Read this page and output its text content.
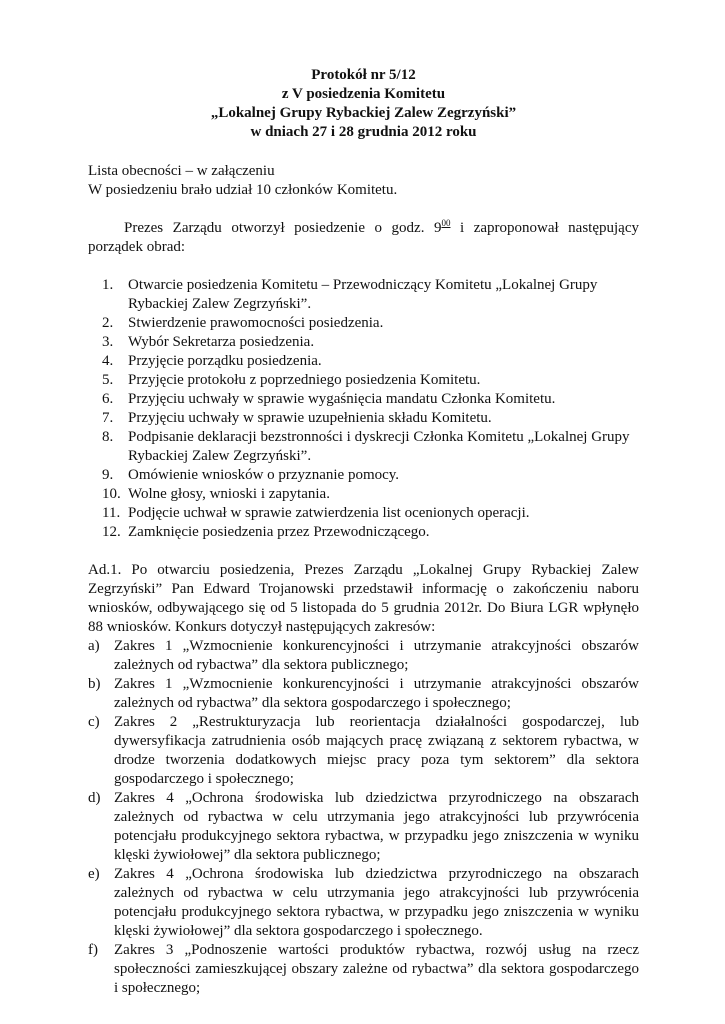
Protokół nr 5/12
z V posiedzenia Komitetu
„Lokalnej Grupy Rybackiej Zalew Zegrzyński”
w dniach 27 i 28 grudnia 2012 roku
Lista obecności – w załączeniu
W posiedzeniu brało udział 10 członków Komitetu.

Prezes Zarządu otworzył posiedzenie o godz. $9^{00}$ i zaproponował następujący porządek obrad:

1. Otwarcie posiedzenia Komitetu – Przewodniczący Komitetu „Lokalnej Grupy Rybackiej Zalew Zegrzyński”.
2. Stwierdzenie prawomocności posiedzenia.
3. Wybór Sekretarza posiedzenia.
4. Przyjęcie porządku posiedzenia.
5. Przyjęcie protokołu z poprzedniego posiedzenia Komitetu.
6. Przyjęciu uchwały w sprawie wygaśnięcia mandatu Członka Komitetu.
7. Przyjęciu uchwały w sprawie uzupełnienia składu Komitetu.
8. Podpisanie deklaracji bezstronności i dyskrecji Członka Komitetu „Lokalnej Grupy Rybackiej Zalew Zegrzyński”.
9. Omówienie wniosków o przyznanie pomocy.
10. Wolne głosy, wnioski i zapytania.
11. Podjęcie uchwał w sprawie zatwierdzenia list ocenionych operacji.
12. Zamknięcie posiedzenia przez Przewodniczącego.

Ad.1. Po otwarciu posiedzenia, Prezes Zarządu „Lokalnej Grupy Rybackiej Zalew Zegrzyński” Pan Edward Trojanowski przedstawił informację o zakończeniu naboru wniosków, odbywającego się od 5 listopada do 5 grudnia 2012r. Do Biura LGR wpłynęło 88 wniosków. Konkurs dotyczył następujących zakresów:

a) Zakres 1 „Wzmocnienie konkurencyjności i utrzymanie atrakcyjności obszarów zależnych od rybactwa” dla sektora publicznego;
b) Zakres 1 „Wzmocnienie konkurencyjności i utrzymanie atrakcyjności obszarów zależnych od rybactwa” dla sektora gospodarczego i społecznego;
c) Zakres 2 „Restrukturyzacja lub reorientacja działalności gospodarczej, lub dywersyfikacja zatrudnienia osób mających pracę związaną z sektorem rybactwa, w drodze tworzenia dodatkowych miejsc pracy poza tym sektorem” dla sektora gospodarczego i społecznego;
d) Zakres 4 „Ochrona środowiska lub dziedzictwa przyrodniczego na obszarach zależnych od rybactwa w celu utrzymania jego atrakcyjności lub przywrócenia potencjału produkcyjnego sektora rybactwa, w przypadku jego zniszczenia w wyniku klęski żywiołowej” dla sektora publicznego;
e) Zakres 4 „Ochrona środowiska lub dziedzictwa przyrodniczego na obszarach zależnych od rybactwa w celu utrzymania jego atrakcyjności lub przywrócenia potencjału produkcyjnego sektora rybactwa, w przypadku jego zniszczenia w wyniku klęski żywiołowej” dla sektora gospodarczego i społecznego.
f) Zakres 3 „Podnoszenie wartości produktów rybactwa, rozwój usług na rzecz społeczności zamieszkującej obszary zależne od rybactwa” dla sektora gospodarczego i społecznego;
